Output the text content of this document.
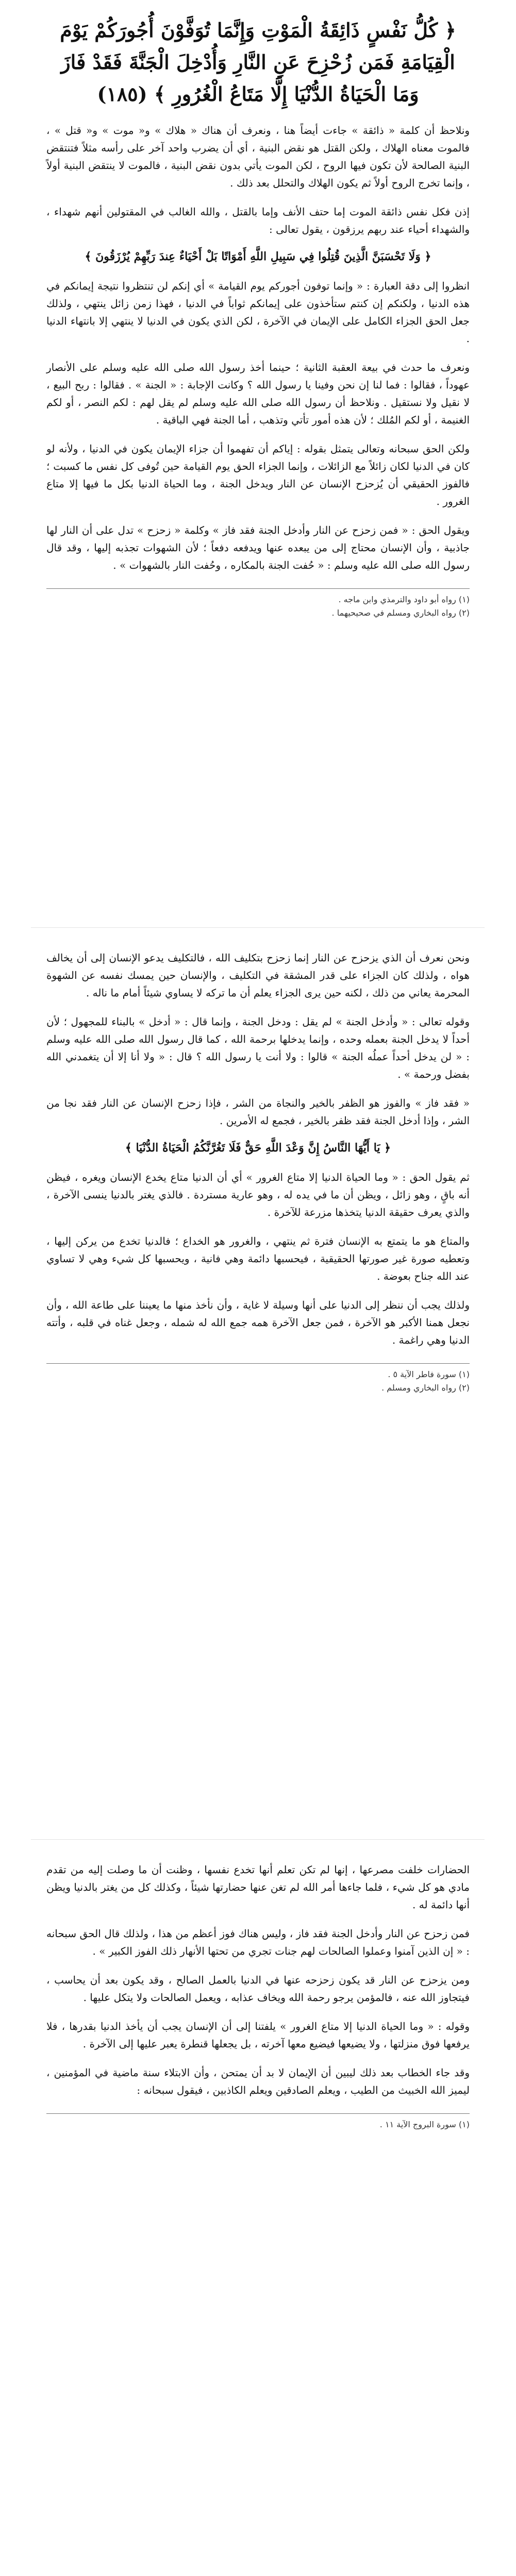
﴿ كُلُّ نَفْسٍ ذَائِقَةُ الْمَوْتِ وَإِنَّمَا تُوَفَّوْنَ أُجُورَكُمْ يَوْمَ الْقِيَامَةِ فَمَن زُحْزِحَ عَنِ النَّارِ وَأُدْخِلَ الْجَنَّةَ فَقَدْ فَازَ وَمَا الْحَيَاةُ الدُّنْيَا إِلَّا مَتَاعُ الْغُرُورِ ﴾ (١٨٥)

ونلاحظ أن كلمة « ذائقة » جاءت أيضاً هنا ، ونعرف أن هناك « هلاك » و« موت » و« قتل » ، فالموت معناه الهلاك ، ولكن القتل هو نقض البنية ، أي أن يضرب واحد آخر على رأسه مثلاً فتنتقض البنية الصالحة لأن تكون فيها الروح ، لكن الموت يأتي بدون نقض البنية ، فالموت لا ينتقض البنية أولاً ، وإنما تخرج الروح أولاً ثم يكون الهلاك والتحلل بعد ذلك .

إذن فكل نفس ذائقة الموت إما حتف الأنف وإما بالقتل ، والله الغالب في المقتولين أنهم شهداء ، والشهداء أحياء عند ربهم يرزقون ، يقول تعالى :

﴿ وَلَا تَحْسَبَنَّ الَّذِينَ قُتِلُوا فِي سَبِيلِ اللَّهِ أَمْوَاتًا بَلْ أَحْيَاءٌ عِندَ رَبِّهِمْ يُرْزَقُونَ ﴾

انظروا إلى دقة العبارة : « وإنما توفون أجوركم يوم القيامة » أي إنكم لن تنتظروا نتيجة إيمانكم في هذه الدنيا ، ولكنكم إن كنتم ستأخذون على إيمانكم ثواباً في الدنيا ، فهذا زمن زائل ينتهي ، ولذلك جعل الحق الجزاء الكامل على الإيمان في الآخرة ، لكن الذي يكون في الدنيا لا ينتهي إلا بانتهاء الدنيا .

ونعرف ما حدث في بيعة العقبة الثانية ؛ حينما أخذ رسول الله صلى الله عليه وسلم على الأنصار عهوداً ، فقالوا : فما لنا إن نحن وفينا يا رسول الله ؟ وكانت الإجابة : « الجنة » . فقالوا : ربح البيع ، لا نقيل ولا نستقيل . ونلاحظ أن رسول الله صلى الله عليه وسلم لم يقل لهم : لكم النصر ، أو لكم الغنيمة ، أو لكم المُلك ؛ لأن هذه أمور تأتي وتذهب ، أما الجنة فهي الباقية .

ولكن الحق سبحانه وتعالى يتمثل بقوله : إياكم أن تفهموا أن جزاء الإيمان يكون في الدنيا ، ولأنه لو كان في الدنيا لكان زائلاً مع الزائلات ، وإنما الجزاء الحق يوم القيامة حين تُوفى كل نفس ما كسبت ؛ فالفوز الحقيقي أن يُزحزح الإنسان عن النار ويدخل الجنة ، وما الحياة الدنيا بكل ما فيها إلا متاع الغرور .

ويقول الحق : « فمن زحزح عن النار وأدخل الجنة فقد فاز » وكلمة « زحزح » تدل على أن النار لها جاذبية ، وأن الإنسان محتاج إلى من يبعده عنها ويدفعه دفعاً ؛ لأن الشهوات تجذبه إليها ، وقد قال رسول الله صلى الله عليه وسلم : « حُفت الجنة بالمكاره ، وحُفت النار بالشهوات » .

(١) رواه أبو داود والترمذي وابن ماجه .

(٢) رواه البخاري ومسلم في صحيحيهما .

ونحن نعرف أن الذي يزحزح عن النار إنما زحزح بتكليف الله ، فالتكليف يدعو الإنسان إلى أن يخالف هواه ، ولذلك كان الجزاء على قدر المشقة في التكليف ، والإنسان حين يمسك نفسه عن الشهوة المحرمة يعاني من ذلك ، لكنه حين يرى الجزاء يعلم أن ما تركه لا يساوي شيئاً أمام ما ناله .

وقوله تعالى : « وأدخل الجنة » لم يقل : ودخل الجنة ، وإنما قال : « أدخل » بالبناء للمجهول ؛ لأن أحداً لا يدخل الجنة بعمله وحده ، وإنما يدخلها برحمة الله ، كما قال رسول الله صلى الله عليه وسلم : « لن يدخل أحداً عملُه الجنة » قالوا : ولا أنت يا رسول الله ؟ قال : « ولا أنا إلا أن يتغمدني الله بفضل ورحمة » .

« فقد فاز » والفوز هو الظفر بالخير والنجاة من الشر ، فإذا زحزح الإنسان عن النار فقد نجا من الشر ، وإذا أدخل الجنة فقد ظفر بالخير ، فجمع له الأمرين .

﴿ يَا أَيُّهَا النَّاسُ إِنَّ وَعْدَ اللَّهِ حَقٌّ فَلَا تَغُرَّنَّكُمُ الْحَيَاةُ الدُّنْيَا ﴾

ثم يقول الحق : « وما الحياة الدنيا إلا متاع الغرور » أي أن الدنيا متاع يخدع الإنسان ويغره ، فيظن أنه باقٍ ، وهو زائل ، ويظن أن ما في يده له ، وهو عارية مستردة . فالذي يغتر بالدنيا ينسى الآخرة ، والذي يعرف حقيقة الدنيا يتخذها مزرعة للآخرة .

والمتاع هو ما يتمتع به الإنسان فترة ثم ينتهي ، والغرور هو الخداع ؛ فالدنيا تخدع من يركن إليها ، وتعطيه صورة غير صورتها الحقيقية ، فيحسبها دائمة وهي فانية ، ويحسبها كل شيء وهي لا تساوي عند الله جناح بعوضة .

ولذلك يجب أن ننظر إلى الدنيا على أنها وسيلة لا غاية ، وأن نأخذ منها ما يعيننا على طاعة الله ، وأن نجعل همنا الأكبر هو الآخرة ، فمن جعل الآخرة همه جمع الله له شمله ، وجعل غناه في قلبه ، وأتته الدنيا وهي راغمة .

(١) سورة فاطر الآية ٥ .

(٢) رواه البخاري ومسلم .

الحضارات خلفت مصرعها ، إنها لم تكن تعلم أنها تخدع نفسها ، وظنت أن ما وصلت إليه من تقدم مادي هو كل شيء ، فلما جاءها أمر الله لم تغن عنها حضارتها شيئاً ، وكذلك كل من يغتر بالدنيا ويظن أنها دائمة له .

فمن زحزح عن النار وأدخل الجنة فقد فاز ، وليس هناك فوز أعظم من هذا ، ولذلك قال الحق سبحانه : « إن الذين آمنوا وعملوا الصالحات لهم جنات تجري من تحتها الأنهار ذلك الفوز الكبير » .

ومن يزحزح عن النار قد يكون زحزحه عنها في الدنيا بالعمل الصالح ، وقد يكون بعد أن يحاسب ، فيتجاوز الله عنه ، فالمؤمن يرجو رحمة الله ويخاف عذابه ، ويعمل الصالحات ولا يتكل عليها .

وقوله : « وما الحياة الدنيا إلا متاع الغرور » يلفتنا إلى أن الإنسان يجب أن يأخذ الدنيا بقدرها ، فلا يرفعها فوق منزلتها ، ولا يضيعها فيضيع معها آخرته ، بل يجعلها قنطرة يعبر عليها إلى الآخرة .

وقد جاء الخطاب بعد ذلك ليبين أن الإيمان لا بد أن يمتحن ، وأن الابتلاء سنة ماضية في المؤمنين ، ليميز الله الخبيث من الطيب ، ويعلم الصادقين ويعلم الكاذبين ، فيقول سبحانه :

(١) سورة البروج الآية ١١ .
